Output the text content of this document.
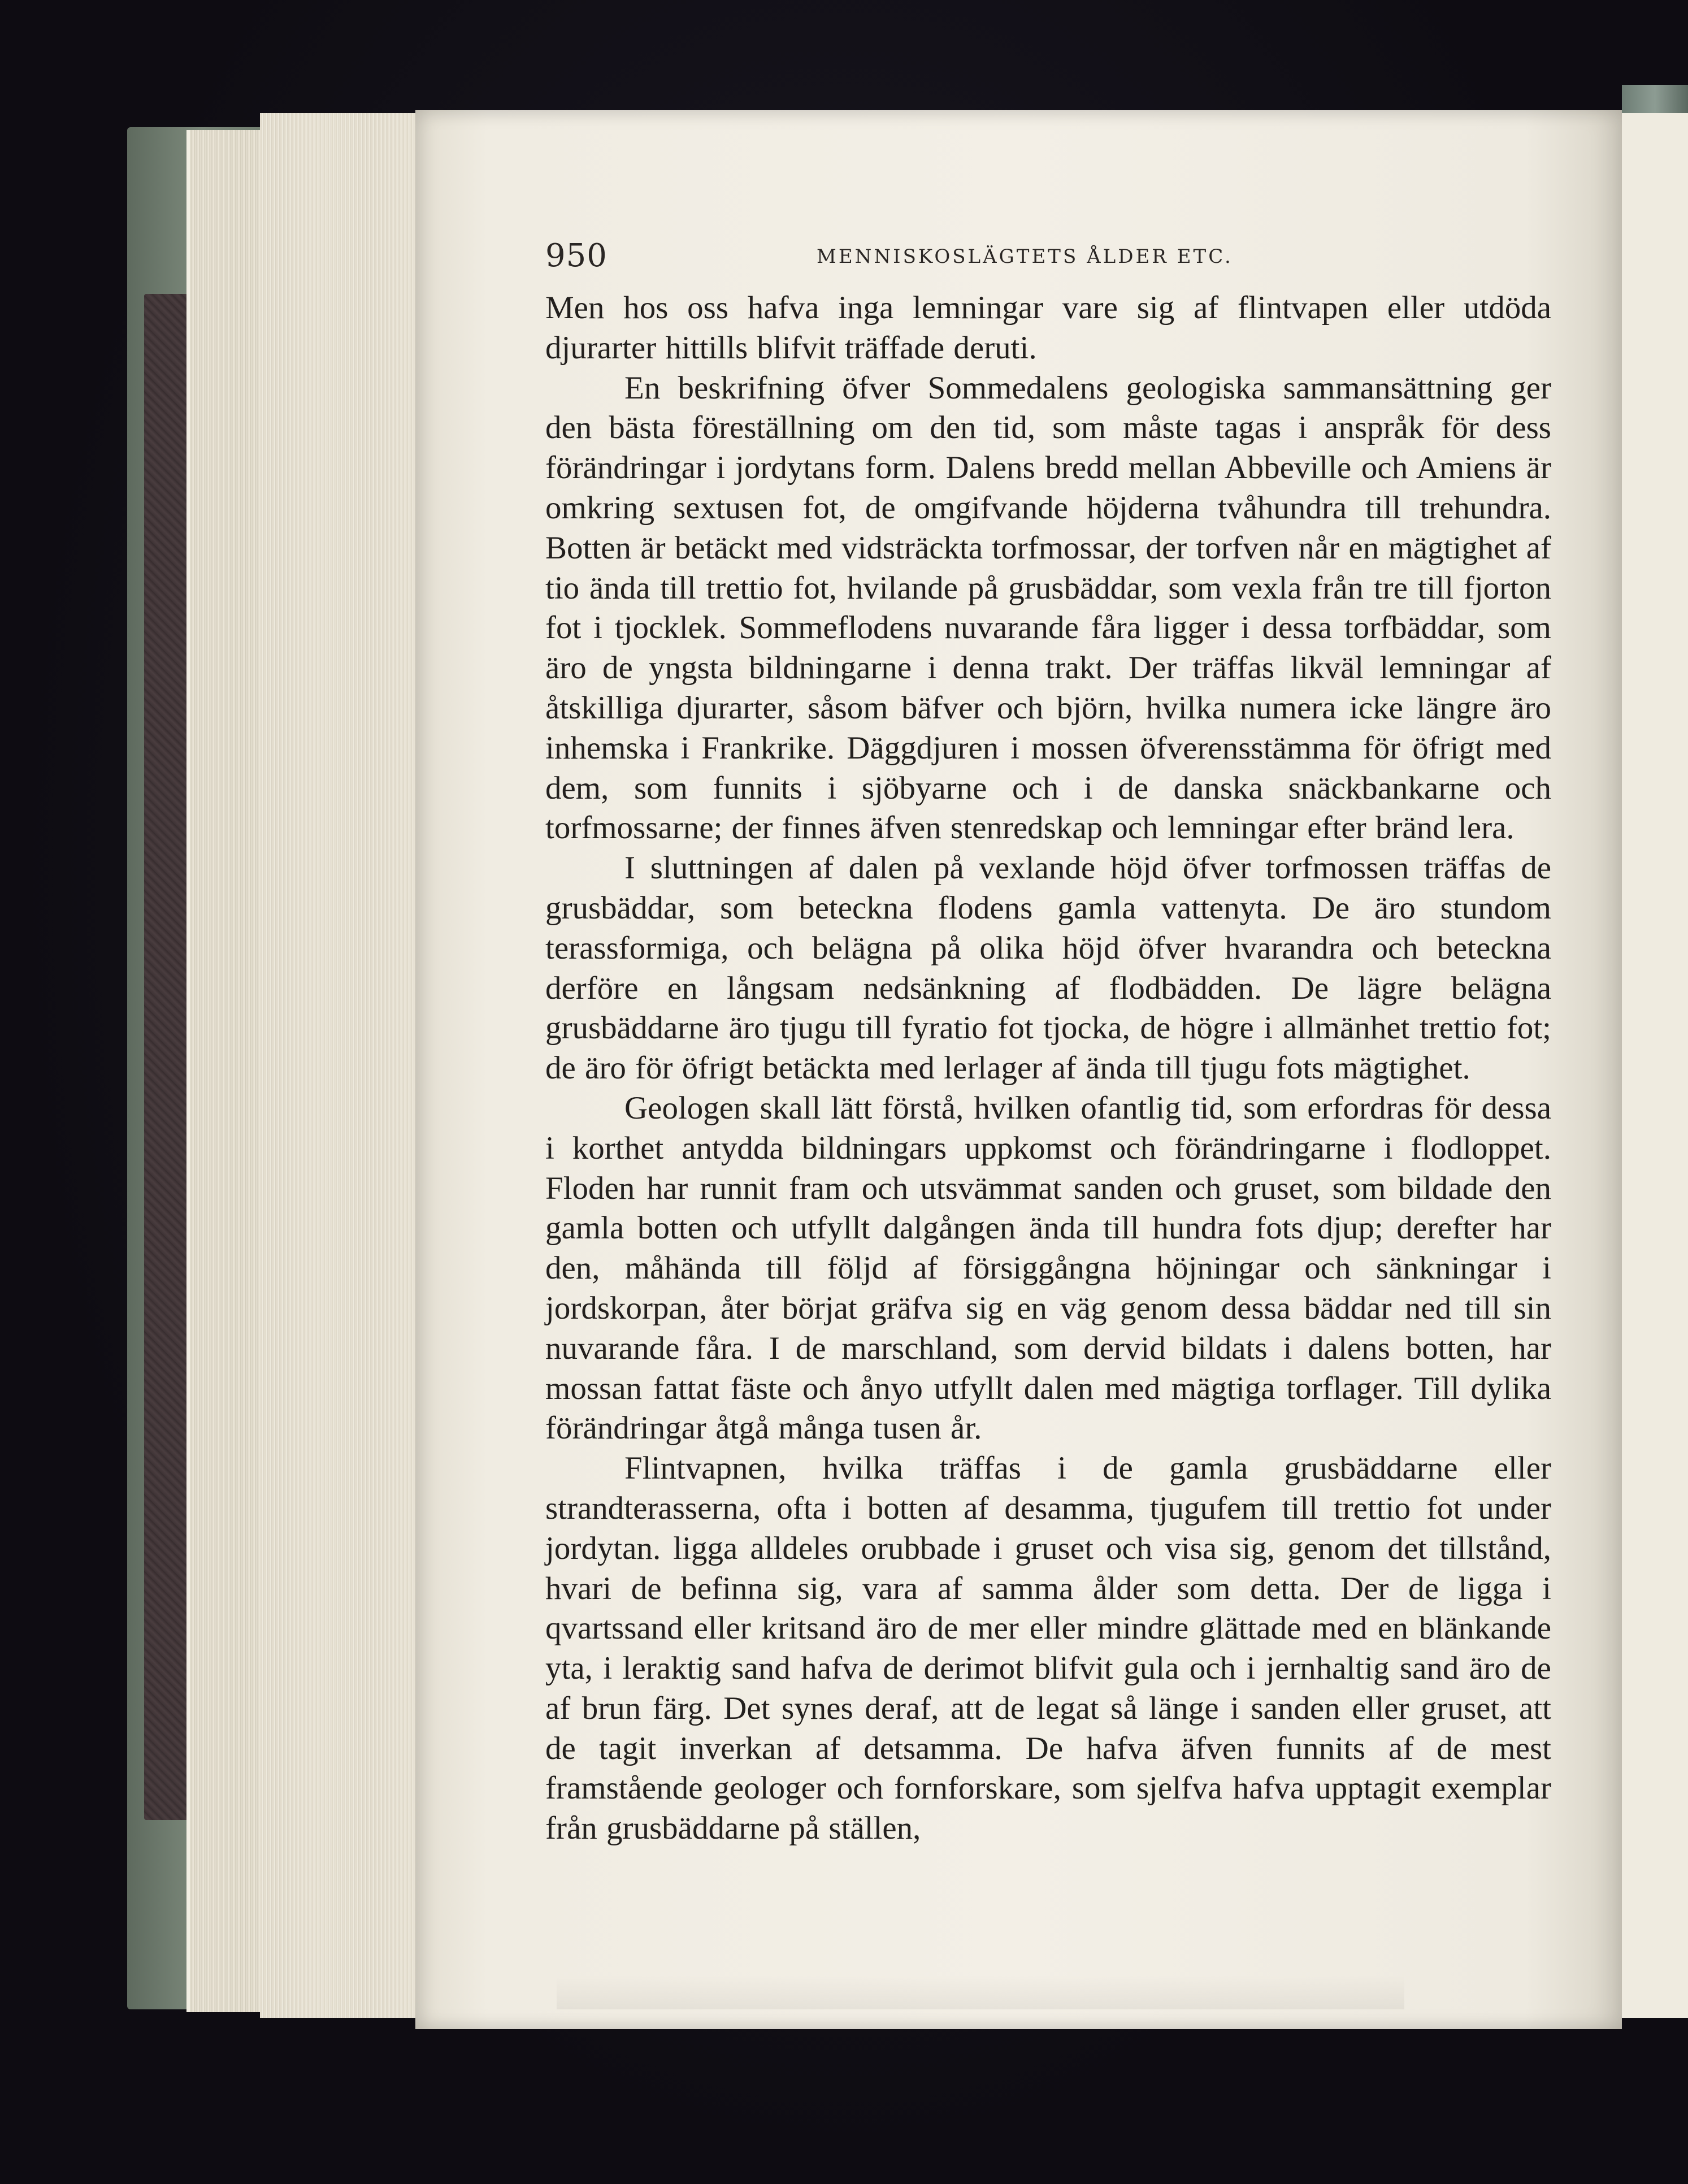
950	MENNISKOSLÄGTETS ÅLDER ETC.

Men hos oss hafva inga lemningar vare sig af flintvapen eller utdöda djurarter hittills blifvit träffade deruti.

En beskrifning öfver Sommedalens geologiska sammansättning ger den bästa föreställning om den tid, som måste tagas i anspråk för dess förändringar i jordytans form. Dalens bredd mellan Abbeville och Amiens är omkring sextusen fot, de omgifvande höjderna tvåhundra till trehundra. Botten är betäckt med vidsträckta torfmossar, der torfven når en mägtighet af tio ända till trettio fot, hvilande på grusbäddar, som vexla från tre till fjorton fot i tjocklek. Sommeflodens nuvarande fåra ligger i dessa torfbäddar, som äro de yngsta bildningarne i denna trakt. Der träffas likväl lemningar af åtskilliga djurarter, såsom bäfver och björn, hvilka numera icke längre äro inhemska i Frankrike. Däggdjuren i mossen öfverensstämma för öfrigt med dem, som funnits i sjöbyarne och i de danska snäckbankarne och torfmossarne; der finnes äfven stenredskap och lemningar efter bränd lera.

I sluttningen af dalen på vexlande höjd öfver torfmossen träffas de grusbäddar, som beteckna flodens gamla vattenyta. De äro stundom terassformiga, och belägna på olika höjd öfver hvarandra och beteckna derföre en långsam nedsänkning af flodbädden. De lägre belägna grusbäddarne äro tjugu till fyratio fot tjocka, de högre i allmänhet trettio fot; de äro för öfrigt betäckta med lerlager af ända till tjugu fots mägtighet.

Geologen skall lätt förstå, hvilken ofantlig tid, som erfordras för dessa i korthet antydda bildningars uppkomst och förändringarne i flodloppet. Floden har runnit fram och utsvämmat sanden och gruset, som bildade den gamla botten och utfyllt dalgången ända till hundra fots djup; derefter har den, måhända till följd af försiggångna höjningar och sänkningar i jordskorpan, åter börjat gräfva sig en väg genom dessa bäddar ned till sin nuvarande fåra. I de marschland, som dervid bildats i dalens botten, har mossan fattat fäste och ånyo utfyllt dalen med mägtiga torflager. Till dylika förändringar åtgå många tusen år.

Flintvapnen, hvilka träffas i de gamla grusbäddarne eller strandterasserna, ofta i botten af desamma, tjugufem till trettio fot under jordytan. ligga alldeles orubbade i gruset och visa sig, genom det tillstånd, hvari de befinna sig, vara af samma ålder som detta. Der de ligga i qvartssand eller kritsand äro de mer eller mindre glättade med en blänkande yta, i leraktig sand hafva de derimot blifvit gula och i jernhaltig sand äro de af brun färg. Det synes deraf, att de legat så länge i sanden eller gruset, att de tagit inverkan af detsamma. De hafva äfven funnits af de mest framstående geologer och fornforskare, som sjelfva hafva upptagit exemplar från grusbäddarne på ställen,
